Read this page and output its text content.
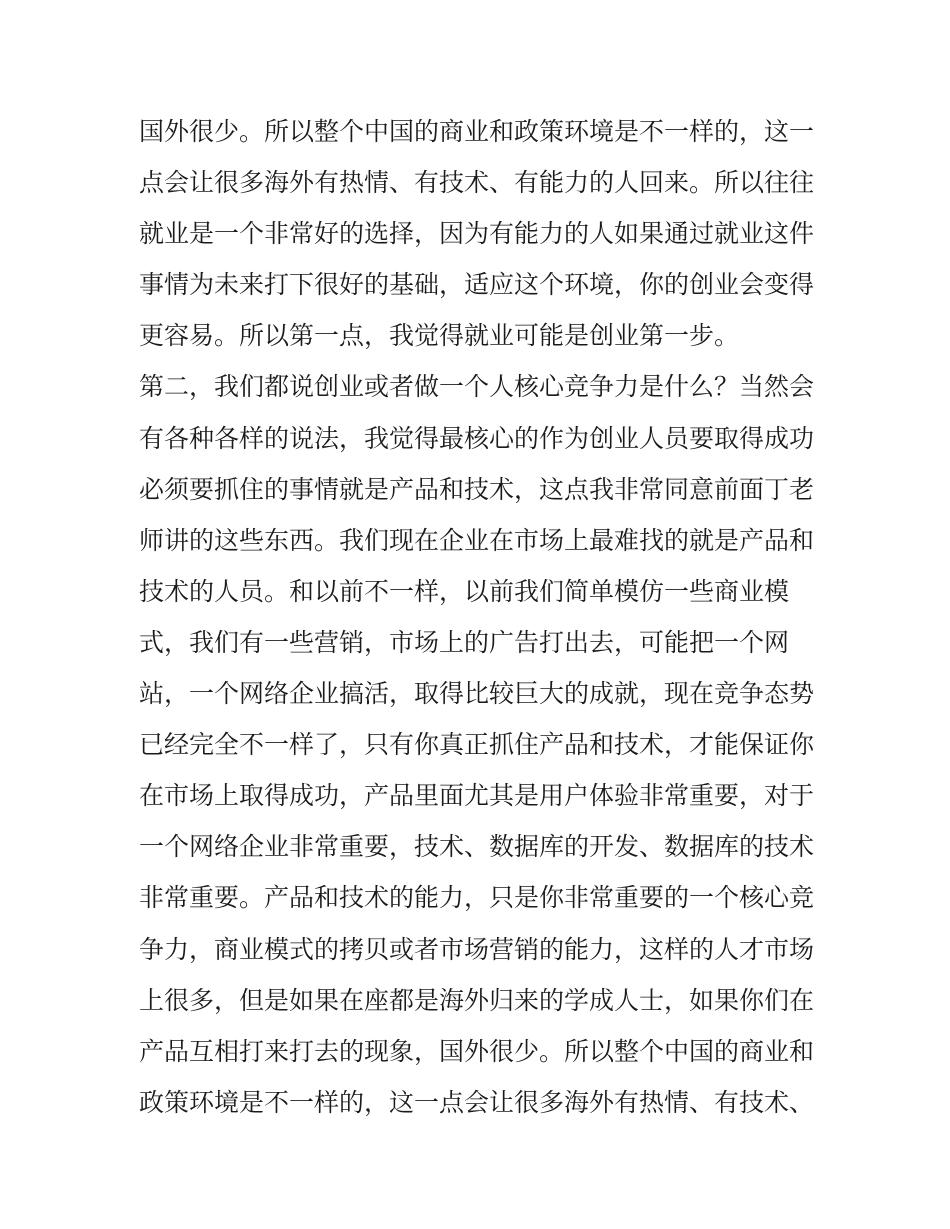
国外很少。所以整个中国的商业和政策环境是不一样的，这一
点会让很多海外有热情、有技术、有能力的人回来。所以往往
就业是一个非常好的选择，因为有能力的人如果通过就业这件
事情为未来打下很好的基础，适应这个环境，你的创业会变得
更容易。所以第一点，我觉得就业可能是创业第一步。
第二，我们都说创业或者做一个人核心竞争力是什么？当然会
有各种各样的说法，我觉得最核心的作为创业人员要取得成功
必须要抓住的事情就是产品和技术，这点我非常同意前面丁老
师讲的这些东西。我们现在企业在市场上最难找的就是产品和
技术的人员。和以前不一样，以前我们简单模仿一些商业模
式，我们有一些营销，市场上的广告打出去，可能把一个网
站，一个网络企业搞活，取得比较巨大的成就，现在竞争态势
已经完全不一样了，只有你真正抓住产品和技术，才能保证你
在市场上取得成功，产品里面尤其是用户体验非常重要，对于
一个网络企业非常重要，技术、数据库的开发、数据库的技术
非常重要。产品和技术的能力，只是你非常重要的一个核心竞
争力，商业模式的拷贝或者市场营销的能力，这样的人才市场
上很多，但是如果在座都是海外归来的学成人士，如果你们在
产品互相打来打去的现象，国外很少。所以整个中国的商业和
政策环境是不一样的，这一点会让很多海外有热情、有技术、
